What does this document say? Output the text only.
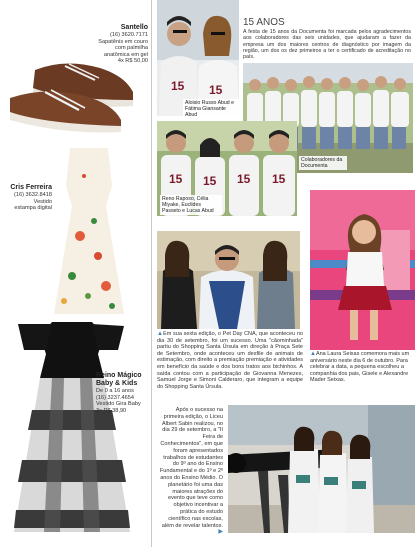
Santello
(16) 3620.7171
Sapatênis em couro
com palmilha
anatômica em gel
4x R$ 50,00
Cris Ferreira
(16) 3632.8418
Vestido
estampa digital
Reino Mágico Baby & Kids
De 0 a 16 anos
(16) 3237.4654
Vestido Gira Baby
3x R$ 38,90
15 15
Aloisio Russo Abud e Fátima Giansante Abud
15 ANOS
A festa de 15 anos da Documenta foi marcada pelos agradecimentos aos colaboradores das seis unidades, que ajudaram a fazer da empresa um dos maiores centros de diagnóstico por imagem da região, um dos os dez primeiros a ter o certificado de acreditação no país.
Colaboradores da Documenta
15 15 15 15
Reno Raposo, Célia Miyake, Euclides Passeto e Lucas Abud
▲Em sua sexta edição, o Pet Day CNA, que aconteceu no dia 30 de setembro, foi um sucesso. Uma "cãominhada" partiu do Shopping Santa Úrsula em direção à Praça Sete de Setembro, onde aconteceu um desfile de animais de estimação, com direito a premiação premiação e atividades em benefício da saúde e dos bons tratos aos bichinhos. A saída contou com a participação de Giovanna Menezes, Samuel Jorge e Simoni Calderaro, que integram a equipe do Shopping Santa Úrsula.
▲Ana Laura Seixas comemora mais um aniversário neste dia 6 de outubro. Para celebrar a data, a pequena escolheu a companhia dos pais, Gisele e Alexandre Mader Seixas.
Após o sucesso na primeira edição, o Liceu Albert Sabin realizou, no dia 29 de setembro, a "II Feira de Conhecimentos", em que foram apresentados trabalhos de estudantes do 9º ano do Ensino Fundamental e do 1º e 2º anos do Ensino Médio. O planetário foi uma das maiores atrações do evento que teve como objetivo incentivar a prática do estudo científico nas escolas, além de revelar talentos. ▶
